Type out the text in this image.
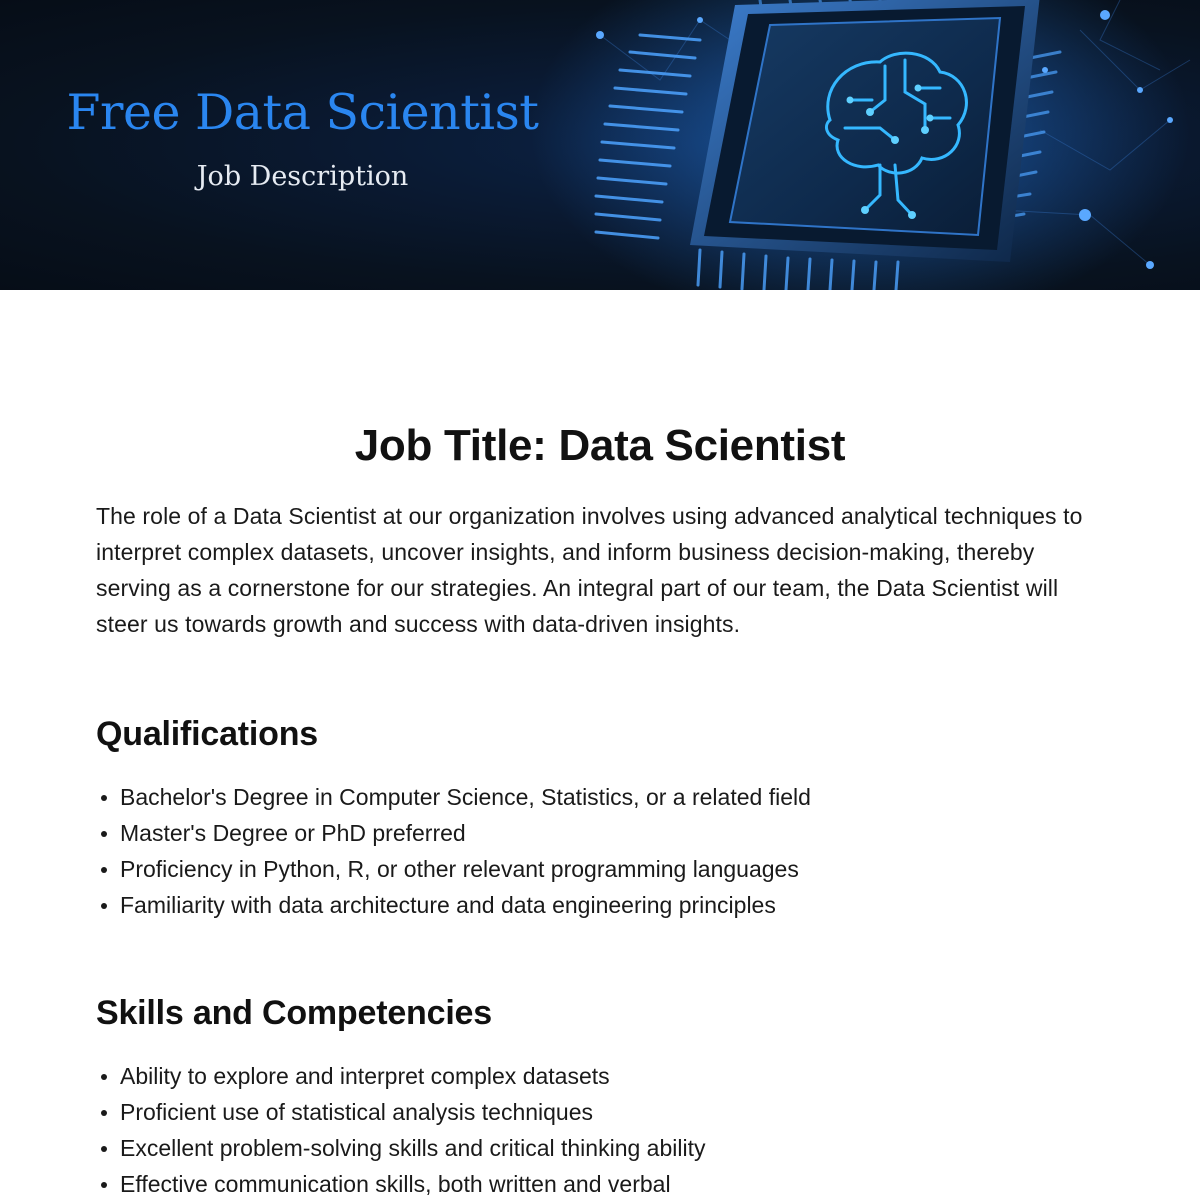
Free Data Scientist

Job Description

Job Title: Data Scientist

The role of a Data Scientist at our organization involves using advanced analytical techniques to interpret complex datasets, uncover insights, and inform business decision-making, thereby serving as a cornerstone for our strategies. An integral part of our team, the Data Scientist will steer us towards growth and success with data-driven insights.

Qualifications
Bachelor's Degree in Computer Science, Statistics, or a related field
Master's Degree or PhD preferred
Proficiency in Python, R, or other relevant programming languages
Familiarity with data architecture and data engineering principles
Skills and Competencies
Ability to explore and interpret complex datasets
Proficient use of statistical analysis techniques
Excellent problem-solving skills and critical thinking ability
Effective communication skills, both written and verbal
